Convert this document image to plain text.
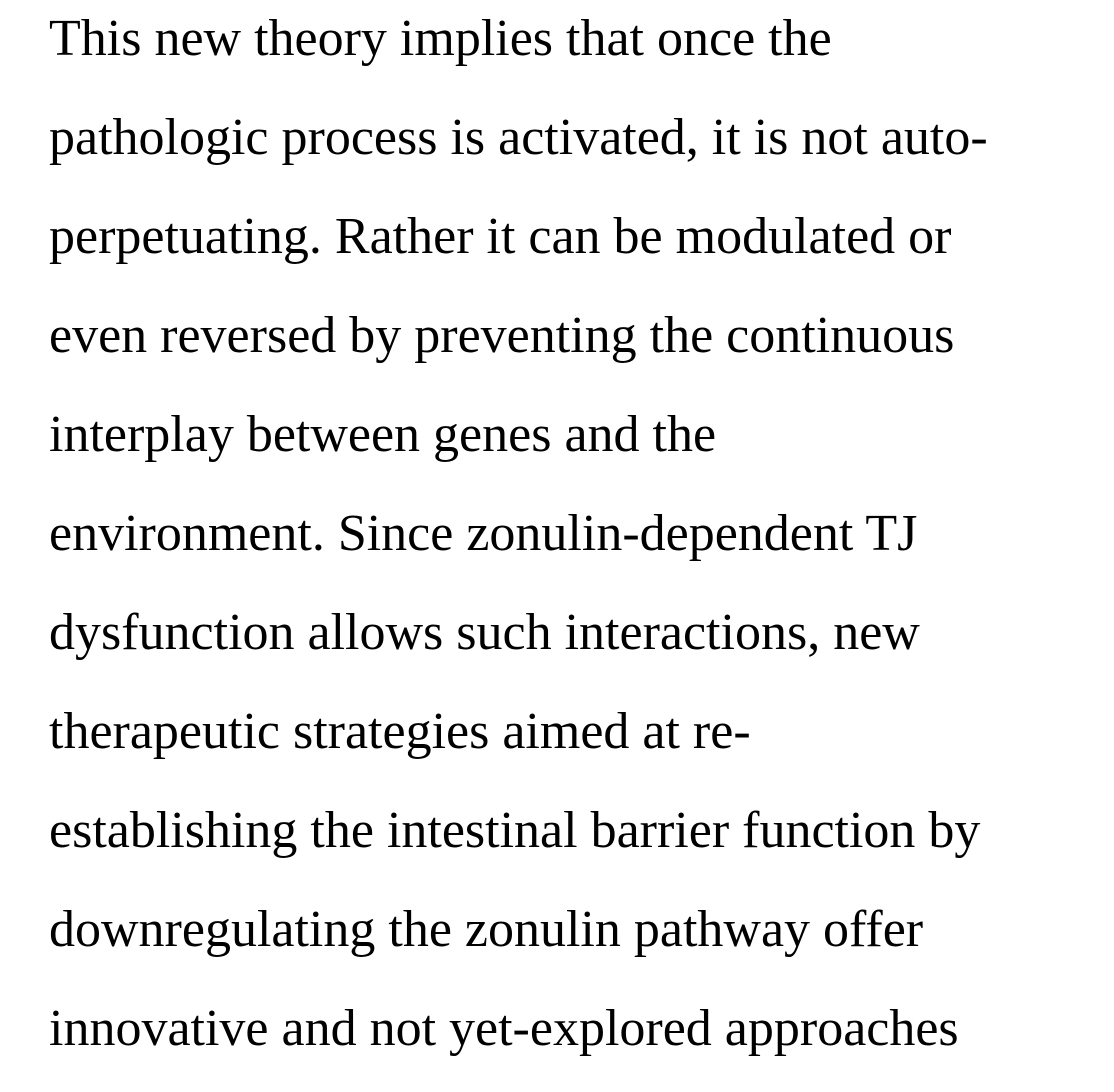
This new theory implies that once the
pathologic process is activated, it is not auto-
perpetuating. Rather it can be modulated or
even reversed by preventing the continuous
interplay between genes and the
environment. Since zonulin-dependent TJ
dysfunction allows such interactions, new
therapeutic strategies aimed at re-
establishing the intestinal barrier function by
downregulating the zonulin pathway offer
innovative and not yet-explored approaches
